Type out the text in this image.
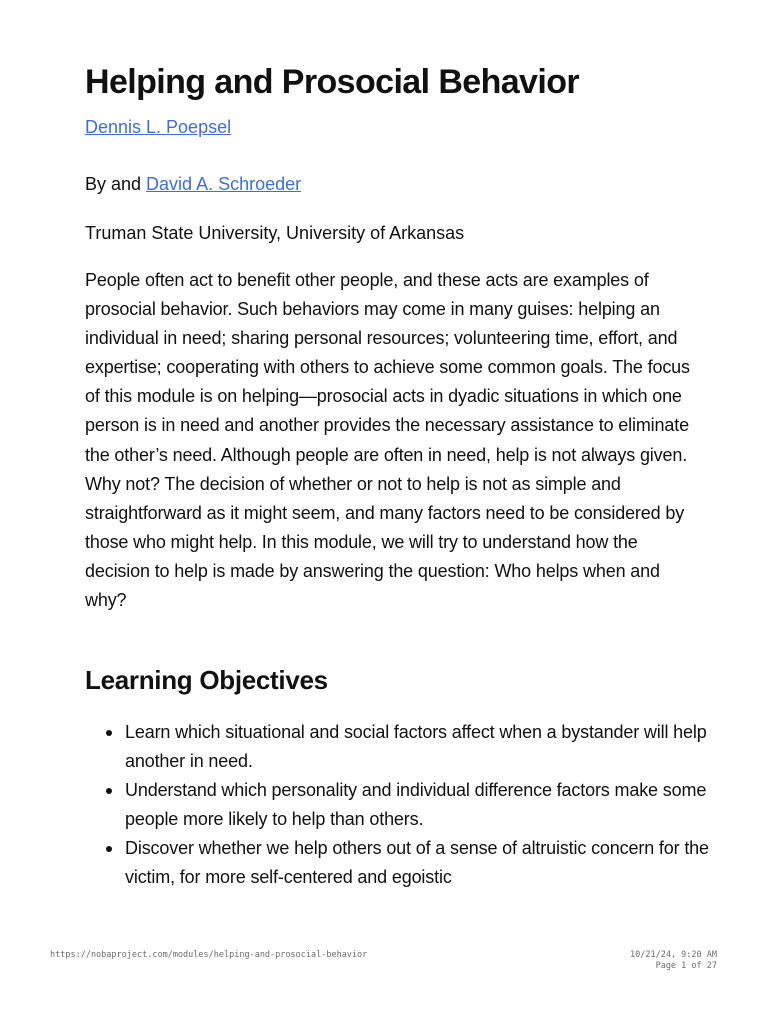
Helping and Prosocial Behavior
Dennis L. Poepsel
By and David A. Schroeder
Truman State University, University of Arkansas

People often act to benefit other people, and these acts are examples of prosocial behavior. Such behaviors may come in many guises: helping an individual in need; sharing personal resources; volunteering time, effort, and expertise; cooperating with others to achieve some common goals. The focus of this module is on helping—prosocial acts in dyadic situations in which one person is in need and another provides the necessary assistance to eliminate the other’s need. Although people are often in need, help is not always given. Why not? The decision of whether or not to help is not as simple and straightforward as it might seem, and many factors need to be considered by those who might help. In this module, we will try to understand how the decision to help is made by answering the question: Who helps when and why?

Learning Objectives
Learn which situational and social factors affect when a bystander will help another in need.
Understand which personality and individual difference factors make some people more likely to help than others.
Discover whether we help others out of a sense of altruistic concern for the victim, for more self-centered and egoistic
https://nobaproject.com/modules/helping-and-prosocial-behavior	10/21/24, 9:20 AM
Page 1 of 27
